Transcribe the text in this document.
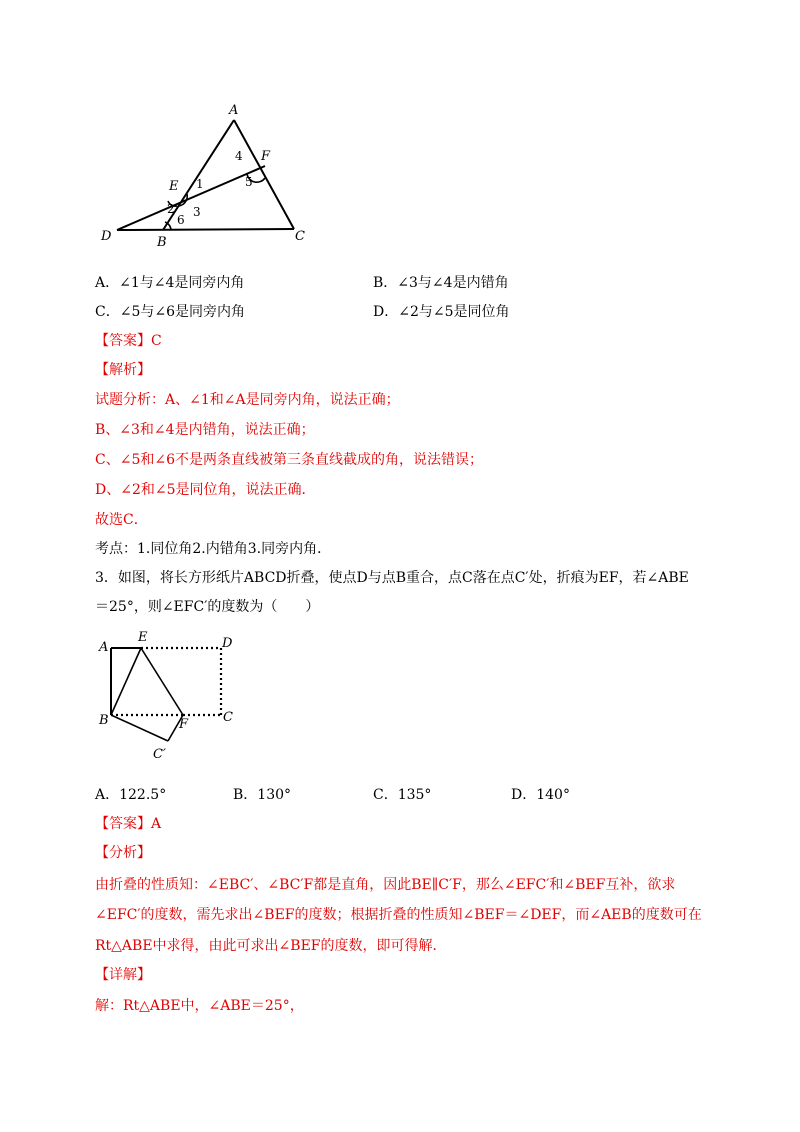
A
F
4
5
E 1
2 3
6
D	B	C
A．∠1与∠4是同旁内角	B．∠3与∠4是内错角
C．∠5与∠6是同旁内角	D．∠2与∠5是同位角
【答案】C
【解析】
试题分析：A、∠1和∠A是同旁内角，说法正确；
B、∠3和∠4是内错角，说法正确；
C、∠5和∠6不是两条直线被第三条直线截成的角，说法错误；
D、∠2和∠5是同位角，说法正确．
故选C．
考点：1.同位角2.内错角3.同旁内角．
3．如图，将长方形纸片ABCD折叠，使点D与点B重合，点C落在点C′处，折痕为EF，若∠ABE
＝25°，则∠EFC′的度数为（　　）
A
E	D
B	F	C
C′
A．122.5°	B．130°	C．135°	D．140°
【答案】A
【分析】
由折叠的性质知：∠EBC′、∠BC′F都是直角，因此BE∥C′F，那么∠EFC′和∠BEF互补，欲求
∠EFC′的度数，需先求出∠BEF的度数；根据折叠的性质知∠BEF＝∠DEF，而∠AEB的度数可在
Rt△ABE中求得，由此可求出∠BEF的度数，即可得解．
【详解】
解：Rt△ABE中，∠ABE＝25°，
